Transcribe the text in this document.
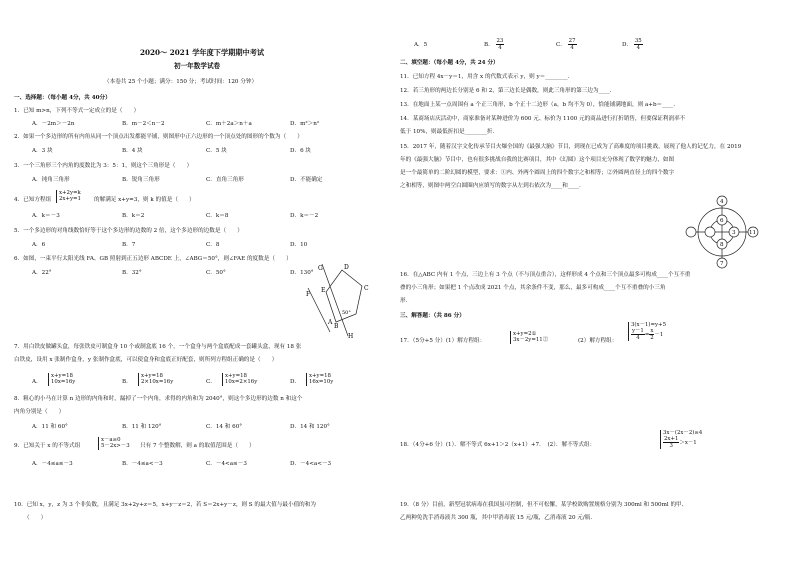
2020～ 2021 学年度下学期期中考试
初一年数学试卷
（本卷共 25 个小题；满分：150 分；考试时间：120 分钟）
一、选择题：（每小题 4分，共 40分）
1．已知 m>n，下列不等式一定成立的是（　　）
A．－2m＞－2n	B．m－2＜n－2	C．m＋2a＞n＋a	D．m²＞n²
2．如果一个多边形的所有内角从同一个顶点出发都能平铺，则图形中正六边形的一个顶点处的图形的个数为（　　）
A．3 块	B．4 块	C．5 块	D．6 块
3．一个三角形三个内角的度数比为 3：5：1，则这个三角形是（　　）
A．钝角三角形	B．锐角三角形	C．直角三角形	D．不能确定
4．已知方程组
x+2y=k
2x+y=1 的解满足 x+y=3，则 k 的值是（　　）
A．k＝－3	B．k＝2	C．k＝8	D．k＝－2
5．一个多边形的对角线数恰好等于这个多边形的边数的 2 倍，这个多边形的边数是（　　）
A．6	B．7	C．8	D．10
6．如图，一束平行太阳光线 FA、GB 照射到正五边形 ABCDE 上，∠ABG＝50°，则∠FAE 的度数是（　　）
A．22°	B．32°	C．50°	D．130°
G	D
F
E	C
50°
A
B
H
7．用白铁皮做罐头盒，每张铁皮可制盒身 10 个或制盒底 16 个，一个盒身与两个盒底配成一套罐头盒，现有 18 张
白铁皮，设用 x 张制作盒身，y 张制作盒底，可以使盒身和盒底正好配套，则所列方程组正确的是（　　）
A．
x+y=18
10x=16y	B．
x+y=18
2×10x=16y	C．
x+y=18
10x=2×16y	D．
x+y=18
16x=10y
8．粗心的小马在计算 n 边形的内角和时，漏掉了一个内角，求得的内角和为 2040°，则这个多边形的边数 n 和这个
内角分别是（　　）
A．11 和 60°	B．11 和 120°	C．14 和 60°	D．14 和 120°
9．已知关于 x 的不等式组
x－a≥0
5－2x>－3 只有 7 个整数解，则 a 的取值范围是（　　）
A．－4≤a≤－3	B．－4≤a<－3	C．－4<a≤－3	D．－4<a<－3
10．已知 x，y，z 为 3 个非负数，且满足 3x+2y+z＝5，x+y－z＝2，若 S＝2x+y－z，则 S 的最大值与最小值的和为
（　　）
A．5	B． $\frac{23}{4}$	C． $\frac{27}{4}$	D． $\frac{35}{4}$
二、填空题：（每小题 4分，共 24 分）
11．已知方程 4x－y＝1，用含 x 的代数式表示 y，则 y＝________．
12．若三角形的两边长分别是 6 和 2，第三边长是偶数，则此三角形的第三边为____．
13．在地面上某一点周围有 a 个正三角形，b 个正十二边形（a，b 均不为 0），恰能铺满地面，则 a+b＝____．
14．某商场店庆活动中，商家准备对某种进价为 600 元、标价为 1100 元的商品进行打折销售，但要保证利润率不
低于 10%，则最低折扣是________折．
15．2017 年，随着汉字文化传承节目火爆全国的《最强大脑》节目，到现在已成为了高难度的项目挑战，展现了他人的记忆力，在 2019
年的《最强大脑》节目中，也有很多挑战自我的比赛项目，其中《幻圆》这个项目充分体现了数学的魅力，如图
是一个最简单的二阶幻圆的模型，要求：①内、外两个圆周上的四个数字之和相等；②外圆两直径上的四个数字
之和相等，则图中两空白圆圈内应填写的数字从左到右依次为____和____．
4
6
3 11
8
7
16．在△ABC 内有 1 个点，三边上有 3 个点（不与顶点重合），这样形成 4 个点和三个顶点最多可构成____个互不重
叠的小三角形；如果把 1 个点改成 2021 个点，其余条件不变，那么，最多可构成____个互不重叠的小三角
形．
三、解答题：（共 86 分）
17．（5分+5 分）(1）解方程组：
x+y=2①
3x－2y=11②	(2）解方程组：
3(x－1)=y+5
$\frac{y-1}{4} = \frac{x}{2} -1$
18．（4分+6 分）(1）．解不等式 6x+1＞2（x+1）+7．　(2）．解不等式组：
3x－(2x－2)≥4
$\frac{2x+1}{3} >x-1$
19．（8 分）目前，新型冠状病毒在我国虽可控制，但不可松懈，某学校欲购置规格分别为 300ml 和 500ml 的甲、
乙两种免洗手消毒液共 300 瓶，其中甲消毒液 15 元/瓶，乙消毒液 20 元/瓶．
